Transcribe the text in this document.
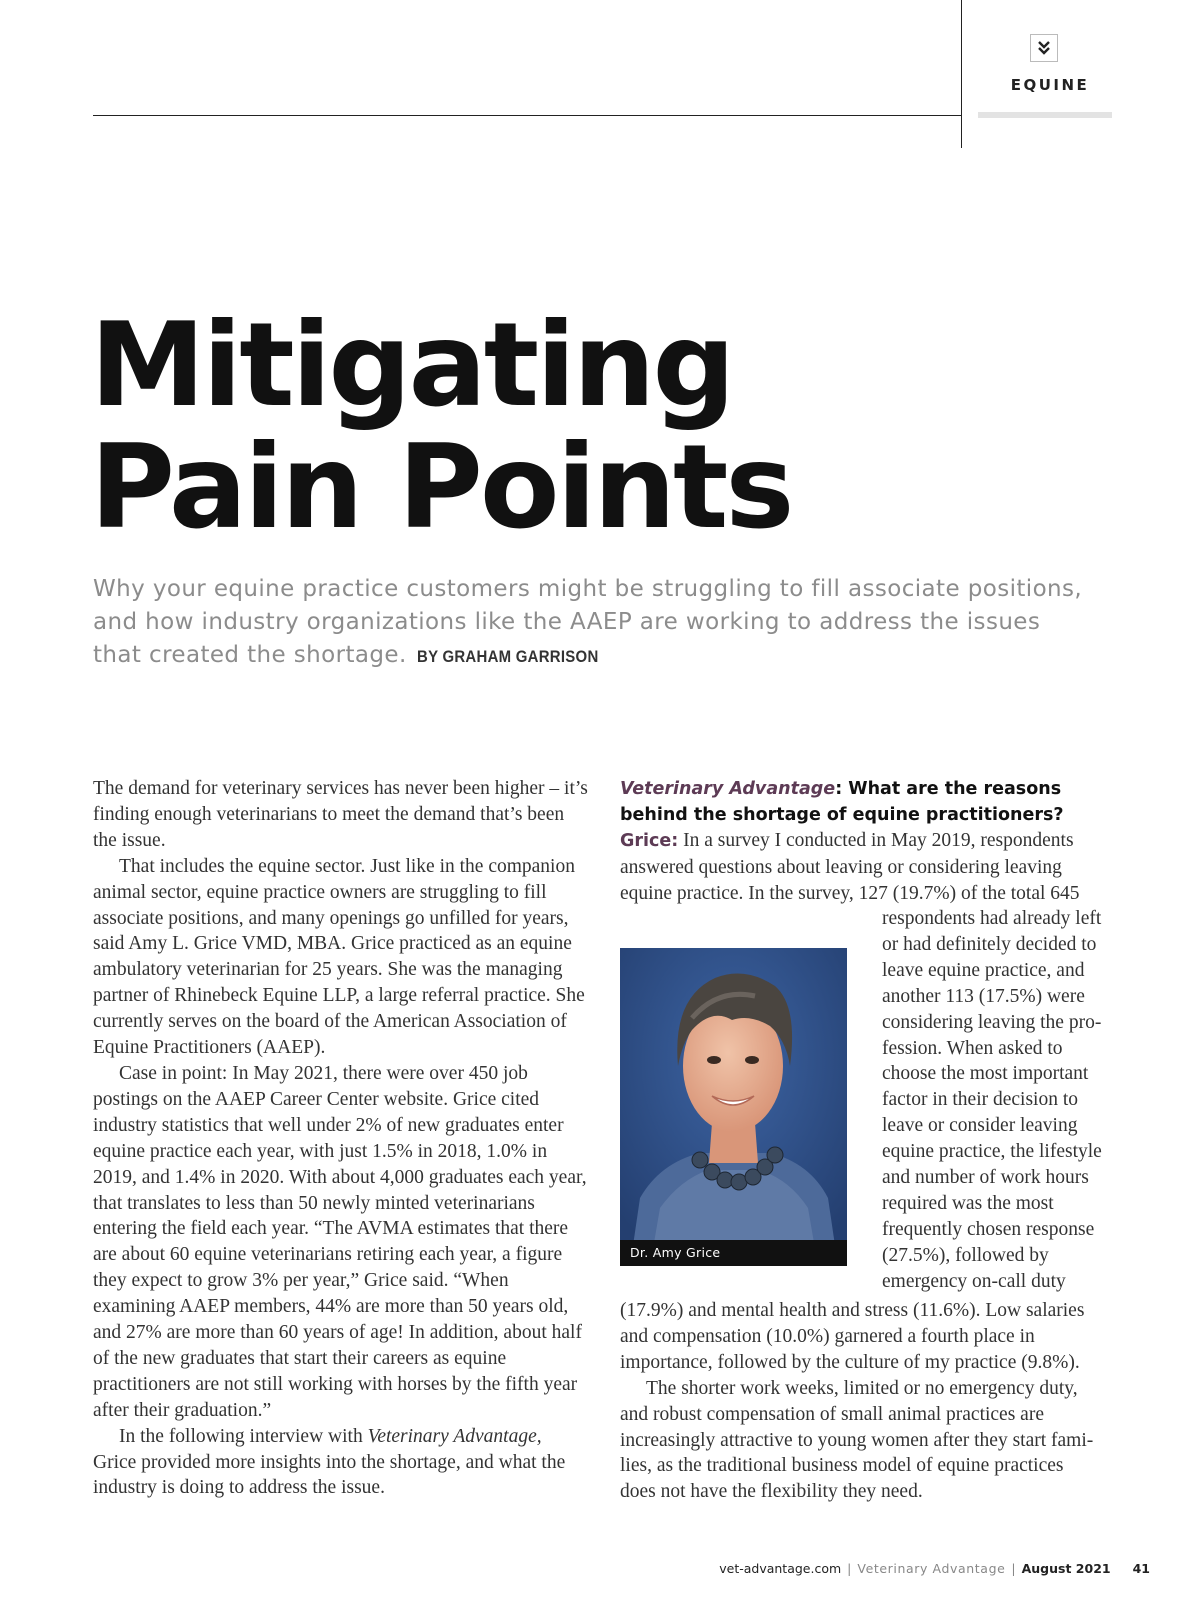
EQUINE
Mitigating
Pain Points
Why your equine practice customers might be struggling to fill associate positions, and how industry organizations like the AAEP are working to address the issues that created the shortage. BY GRAHAM GARRISON

The demand for veterinary services has never been higher – it’s finding enough veterinarians to meet the demand that’s been the issue.

That includes the equine sector. Just like in the companion animal sector, equine practice owners are struggling to fill associate positions, and many openings go unfilled for years, said Amy L. Grice VMD, MBA. Grice practiced as an equine ambulatory veterinarian for 25 years. She was the managing partner of Rhinebeck Equine LLP, a large referral practice. She currently serves on the board of the American Association of Equine Practitioners (AAEP).

Case in point: In May 2021, there were over 450 job postings on the AAEP Career Center website. Grice cited industry statistics that well under 2% of new graduates enter equine practice each year, with just 1.5% in 2018, 1.0% in 2019, and 1.4% in 2020. With about 4,000 graduates each year, that translates to less than 50 newly minted veterinarians entering the field each year. “The AVMA estimates that there are about 60 equine veterinarians retiring each year, a figure they expect to grow 3% per year,” Grice said. “When examining AAEP members, 44% are more than 50 years old, and 27% are more than 60 years of age! In addition, about half of the new graduates that start their careers as equine practitioners are not still working with horses by the fifth year after their graduation.”

In the following interview with Veterinary Advantage, Grice provided more insights into the shortage, and what the industry is doing to address the issue.

Veterinary Advantage: What are the reasons behind the shortage of equine practitioners?
Grice: In a survey I conducted in May 2019, respondents
answered questions about leaving or considering leaving
equine practice. In the survey, 127 (19.7%) of the total 645
respondents had already left
or had definitely decided to
leave equine practice, and
another 113 (17.5%) were
considering leaving the pro-
fession. When asked to
choose the most important
factor in their decision to
leave or consider leaving
equine practice, the lifestyle
and number of work hours
required was the most
frequently chosen response
(27.5%), followed by
emergency on-call duty
Dr. Amy Grice
(17.9%) and mental health and stress (11.6%). Low salaries
and compensation (10.0%) garnered a fourth place in
importance, followed by the culture of my practice (9.8%).
The shorter work weeks, limited or no emergency duty,
and robust compensation of small animal practices are
increasingly attractive to young women after they start fami-
lies, as the traditional business model of equine practices
does not have the flexibility they need.
vet-advantage.com | Veterinary Advantage | August 2021 41
